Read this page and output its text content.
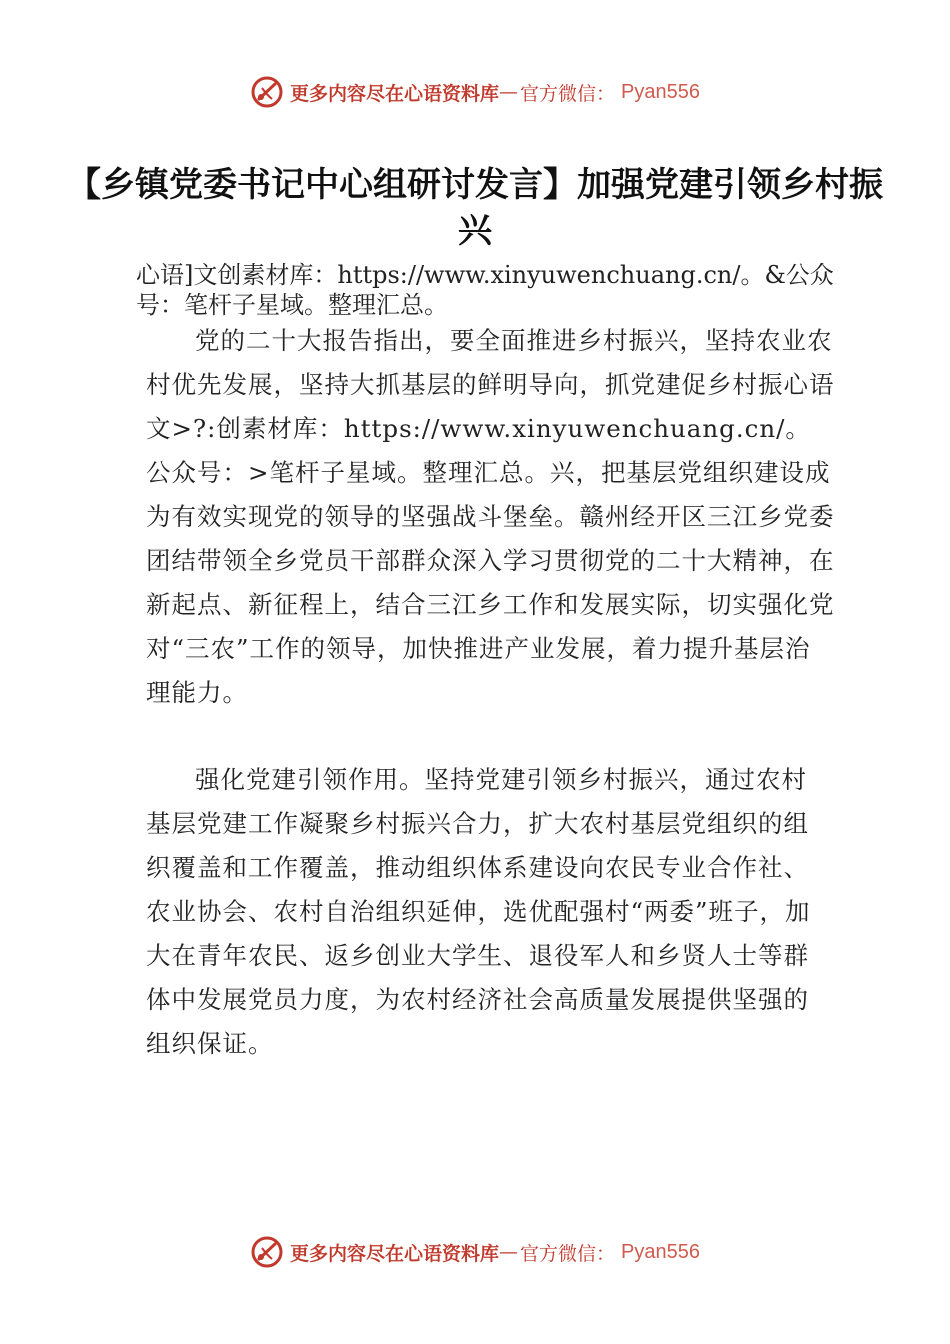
更多内容尽在心语资料库 — 官方微信： Pyan556
【乡镇党委书记中心组研讨发言】加强党建引领乡村振兴
心语]文创素材库：https://www.xinyuwenchuang.cn/。&公众号：笔杆子星域。整理汇总。

党的二十大报告指出，要全面推进乡村振兴，坚持农业农村优先发展，坚持大抓基层的鲜明导向，抓党建促乡村振心语文>?:创素材库：https://www.xinyuwenchuang.cn/。公众号：>笔杆子星域。整理汇总。兴，把基层党组织建设成为有效实现党的领导的坚强战斗堡垒。赣州经开区三江乡党委团结带领全乡党员干部群众深入学习贯彻党的二十大精神，在新起点、新征程上，结合三江乡工作和发展实际，切实强化党对“三农”工作的领导，加快推进产业发展，着力提升基层治理能力。

强化党建引领作用。坚持党建引领乡村振兴，通过农村基层党建工作凝聚乡村振兴合力，扩大农村基层党组织的组织覆盖和工作覆盖，推动组织体系建设向农民专业合作社、农业协会、农村自治组织延伸，选优配强村“两委”班子，加大在青年农民、返乡创业大学生、退役军人和乡贤人士等群体中发展党员力度，为农村经济社会高质量发展提供坚强的组织保证。

更多内容尽在心语资料库 — 官方微信： Pyan556
